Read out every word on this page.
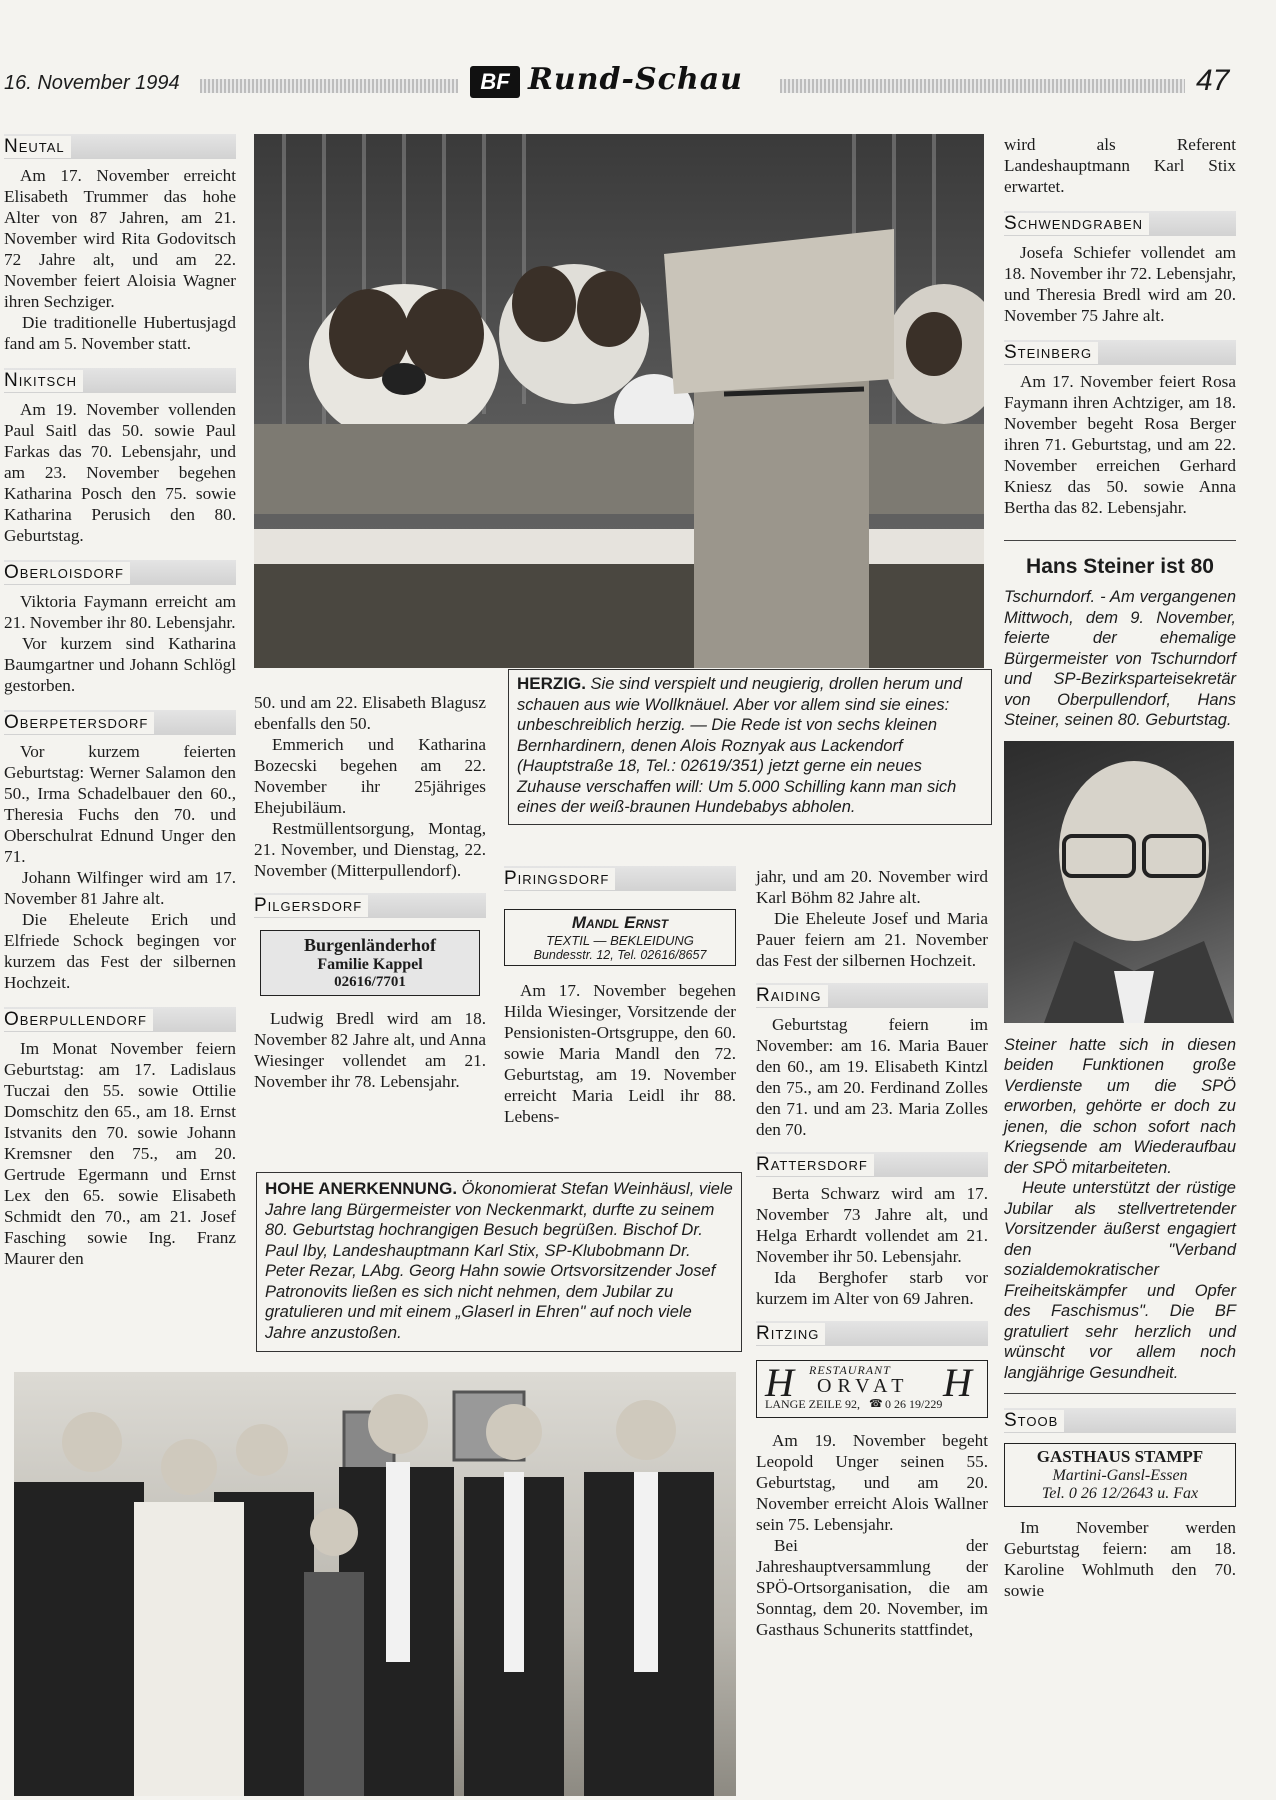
16. November 1994	BF Rund-Schau	47
Neutal

Am 17. November erreicht Elisabeth Trummer das hohe Alter von 87 Jahren, am 21. November wird Rita Godovitsch 72 Jahre alt, und am 22. November feiert Aloisia Wagner ihren Sechziger.

Die traditionelle Hubertusjagd fand am 5. November statt.

Nikitsch

Am 19. November vollenden Paul Saitl das 50. sowie Paul Farkas das 70. Lebensjahr, und am 23. November begehen Katharina Posch den 75. sowie Katharina Perusich den 80. Geburtstag.

Oberloisdorf

Viktoria Faymann erreicht am 21. November ihr 80. Lebensjahr.

Vor kurzem sind Katharina Baumgartner und Johann Schlögl gestorben.

Oberpetersdorf

Vor kurzem feierten Geburtstag: Werner Salamon den 50., Irma Schadelbauer den 60., Theresia Fuchs den 70. und Oberschulrat Ednund Unger den 71.

Johann Wilfinger wird am 17. November 81 Jahre alt.

Die Eheleute Erich und Elfriede Schock begingen vor kurzem das Fest der silbernen Hochzeit.

Oberpullendorf

Im Monat November feiern Geburtstag: am 17. Ladislaus Tuczai den 55. sowie Ottilie Domschitz den 65., am 18. Ernst Istvanits den 70. sowie Johann Kremsner den 75., am 20. Gertrude Egermann und Ernst Lex den 65. sowie Elisabeth Schmidt den 70., am 21. Josef Fasching sowie Ing. Franz Maurer den

HERZIG. Sie sind verspielt und neugierig, drollen herum und schauen aus wie Wollknäuel. Aber vor allem sind sie eines: unbeschreiblich herzig. — Die Rede ist von sechs kleinen Bernhardinern, denen Alois Roznyak aus Lackendorf (Hauptstraße 18, Tel.: 02619/351) jetzt gerne ein neues Zuhause verschaffen will: Um 5.000 Schilling kann man sich eines der weiß-braunen Hundebabys abholen.

50. und am 22. Elisabeth Blagusz ebenfalls den 50.

Emmerich und Katharina Bozecski begehen am 22. November ihr 25jähriges Ehejubiläum.

Restmüllentsorgung, Montag, 21. November, und Dienstag, 22. November (Mitterpullendorf).

Pilgersdorf
Burgenländerhof
Familie Kappel
02616/7701

Ludwig Bredl wird am 18. November 82 Jahre alt, und Anna Wiesinger vollendet am 21. November ihr 78. Lebensjahr.

Piringsdorf
Mandl Ernst
TEXTIL — BEKLEIDUNG
Bundesstr. 12, Tel. 02616/8657

Am 17. November begehen Hilda Wiesinger, Vorsitzende der Pensionisten-Ortsgruppe, den 60. sowie Maria Mandl den 72. Geburtstag, am 19. November erreicht Maria Leidl ihr 88. Lebens-

jahr, und am 20. November wird Karl Böhm 82 Jahre alt.

Die Eheleute Josef und Maria Pauer feiern am 21. November das Fest der silbernen Hochzeit.

Raiding

Geburtstag feiern im November: am 16. Maria Bauer den 60., am 19. Elisabeth Kintzl den 75., am 20. Ferdinand Zolles den 71. und am 23. Maria Zolles den 70.

Rattersdorf

Berta Schwarz wird am 17. November 73 Jahre alt, und Helga Erhardt vollendet am 21. November ihr 50. Lebensjahr.

Ida Berghofer starb vor kurzem im Alter von 69 Jahren.

Ritzing
H RESTAURANT
ORVAT H
LANGE ZEILE 92, ☎ 0 26 19/229

Am 19. November begeht Leopold Unger seinen 55. Geburtstag, und am 20. November erreicht Alois Wallner sein 75. Lebensjahr.

Bei der Jahreshauptversammlung der SPÖ-Ortsorganisation, die am Sonntag, dem 20. November, im Gasthaus Schunerits stattfindet,

HOHE ANERKENNUNG. Ökonomierat Stefan Weinhäusl, viele Jahre lang Bürgermeister von Neckenmarkt, durfte zu seinem 80. Geburtstag hochrangigen Besuch begrüßen. Bischof Dr. Paul Iby, Landeshauptmann Karl Stix, SP-Klubobmann Dr. Peter Rezar, LAbg. Georg Hahn sowie Ortsvorsitzender Josef Patronovits ließen es sich nicht nehmen, dem Jubilar zu gratulieren und mit einem „Glaserl in Ehren" auf noch viele Jahre anzustoßen.

wird als Referent Landeshauptmann Karl Stix erwartet.

Schwendgraben

Josefa Schiefer vollendet am 18. November ihr 72. Lebensjahr, und Theresia Bredl wird am 20. November 75 Jahre alt.

Steinberg

Am 17. November feiert Rosa Faymann ihren Achtziger, am 18. November begeht Rosa Berger ihren 71. Geburtstag, und am 22. November erreichen Gerhard Kniesz das 50. sowie Anna Bertha das 82. Lebensjahr.

Hans Steiner ist 80

Tschurndorf. - Am vergangenen Mittwoch, dem 9. November, feierte der ehemalige Bürgermeister von Tschurndorf und SP-Bezirksparteisekretär von Oberpullendorf, Hans Steiner, seinen 80. Geburtstag.

Steiner hatte sich in diesen beiden Funktionen große Verdienste um die SPÖ erworben, gehörte er doch zu jenen, die schon sofort nach Kriegsende am Wiederaufbau der SPÖ mitarbeiteten.

Heute unterstützt der rüstige Jubilar als stellvertretender Vorsitzender äußerst engagiert den "Verband sozialdemokratischer Freiheitskämpfer und Opfer des Faschismus". Die BF gratuliert sehr herzlich und wünscht vor allem noch langjährige Gesundheit.

Stoob
GASTHAUS STAMPF
Martini-Gansl-Essen
Tel. 0 26 12/2643 u. Fax

Im November werden Geburtstag feiern: am 18. Karoline Wohlmuth den 70. sowie
